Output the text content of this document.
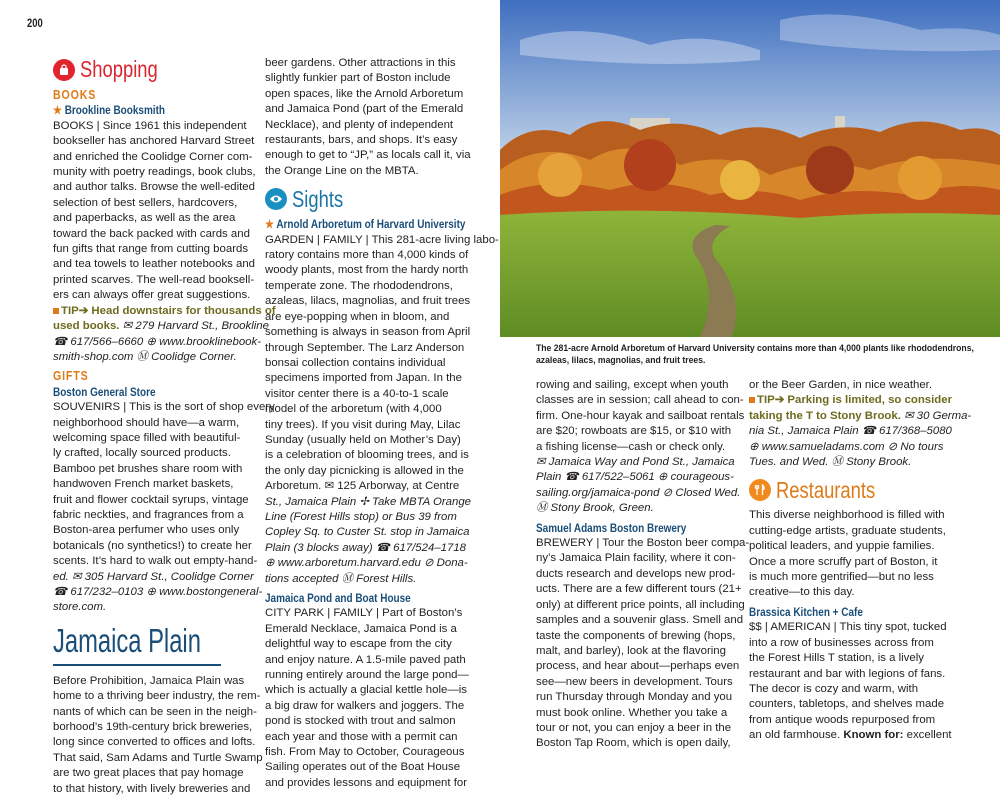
200
Shopping
BOOKS
★ Brookline Booksmith
BOOKS | Since 1961 this independent
bookseller has anchored Harvard Street
and enriched the Coolidge Corner com-
munity with poetry readings, book clubs,
and author talks. Browse the well-edited
selection of best sellers, hardcovers,
and paperbacks, as well as the area
toward the back packed with cards and
fun gifts that range from cutting boards
and tea towels to leather notebooks and
printed scarves. The well-read booksell-
ers can always offer great suggestions.
TIP➔ Head downstairs for thousands of
used books. ✉ 279 Harvard St., Brookline
☎ 617/566–6660 ⊕ www.brooklinebook-
smith-shop.com Ⓜ Coolidge Corner.
GIFTS
Boston General Store
SOUVENIRS | This is the sort of shop every
neighborhood should have—a warm,
welcoming space filled with beautiful-
ly crafted, locally sourced products.
Bamboo pet brushes share room with
handwoven French market baskets,
fruit and flower cocktail syrups, vintage
fabric neckties, and fragrances from a
Boston-area perfumer who uses only
botanicals (no synthetics!) to create her
scents. It’s hard to walk out empty-hand-
ed. ✉ 305 Harvard St., Coolidge Corner
☎ 617/232–0103 ⊕ www.bostongeneral-
store.com.
Jamaica Plain
Before Prohibition, Jamaica Plain was
home to a thriving beer industry, the rem-
nants of which can be seen in the neigh-
borhood’s 19th-century brick breweries,
long since converted to offices and lofts.
That said, Sam Adams and Turtle Swamp
are two great places that pay homage
to that history, with lively breweries and
beer gardens. Other attractions in this
slightly funkier part of Boston include
open spaces, like the Arnold Arboretum
and Jamaica Pond (part of the Emerald
Necklace), and plenty of independent
restaurants, bars, and shops. It’s easy
enough to get to “JP,” as locals call it, via
the Orange Line on the MBTA.
Sights
★ Arnold Arboretum of Harvard University
GARDEN | FAMILY | This 281-acre living labo-
ratory contains more than 4,000 kinds of
woody plants, most from the hardy north
temperate zone. The rhododendrons,
azaleas, lilacs, magnolias, and fruit trees
are eye-popping when in bloom, and
something is always in season from April
through September. The Larz Anderson
bonsai collection contains individual
specimens imported from Japan. In the
visitor center there is a 40-to-1 scale
model of the arboretum (with 4,000
tiny trees). If you visit during May, Lilac
Sunday (usually held on Mother’s Day)
is a celebration of blooming trees, and is
the only day picnicking is allowed in the
Arboretum. ✉ 125 Arborway, at Centre
St., Jamaica Plain ✢ Take MBTA Orange
Line (Forest Hills stop) or Bus 39 from
Copley Sq. to Custer St. stop in Jamaica
Plain (3 blocks away) ☎ 617/524–1718
⊕ www.arboretum.harvard.edu ⊘ Dona-
tions accepted Ⓜ Forest Hills.
Jamaica Pond and Boat House
CITY PARK | FAMILY | Part of Boston’s
Emerald Necklace, Jamaica Pond is a
delightful way to escape from the city
and enjoy nature. A 1.5-mile paved path
running entirely around the large pond—
which is actually a glacial kettle hole—is
a big draw for walkers and joggers. The
pond is stocked with trout and salmon
each year and those with a permit can
fish. From May to October, Courageous
Sailing operates out of the Boat House
and provides lessons and equipment for
The 281-acre Arnold Arboretum of Harvard University contains more than 4,000 plants like rhododendrons,
azaleas, lilacs, magnolias, and fruit trees.
rowing and sailing, except when youth
classes are in session; call ahead to con-
firm. One-hour kayak and sailboat rentals
are $20; rowboats are $15, or $10 with
a fishing license—cash or check only.
✉ Jamaica Way and Pond St., Jamaica
Plain ☎ 617/522–5061 ⊕ courageous-
sailing.org/jamaica-pond ⊘ Closed Wed.
Ⓜ Stony Brook, Green.
Samuel Adams Boston Brewery
BREWERY | Tour the Boston beer compa-
ny’s Jamaica Plain facility, where it con-
ducts research and develops new prod-
ucts. There are a few different tours (21+
only) at different price points, all including
samples and a souvenir glass. Smell and
taste the components of brewing (hops,
malt, and barley), look at the flavoring
process, and hear about—perhaps even
see—new beers in development. Tours
run Thursday through Monday and you
must book online. Whether you take a
tour or not, you can enjoy a beer in the
Boston Tap Room, which is open daily,
or the Beer Garden, in nice weather.
TIP➔ Parking is limited, so consider
taking the T to Stony Brook. ✉ 30 Germa-
nia St., Jamaica Plain ☎ 617/368–5080
⊕ www.samueladams.com ⊘ No tours
Tues. and Wed. Ⓜ Stony Brook.
Restaurants
This diverse neighborhood is filled with
cutting-edge artists, graduate students,
political leaders, and yuppie families.
Once a more scruffy part of Boston, it
is much more gentrified—but no less
creative—to this day.
Brassica Kitchen + Cafe
$$ | AMERICAN | This tiny spot, tucked
into a row of businesses across from
the Forest Hills T station, is a lively
restaurant and bar with legions of fans.
The decor is cozy and warm, with
counters, tabletops, and shelves made
from antique woods repurposed from
an old farmhouse. Known for: excellent
